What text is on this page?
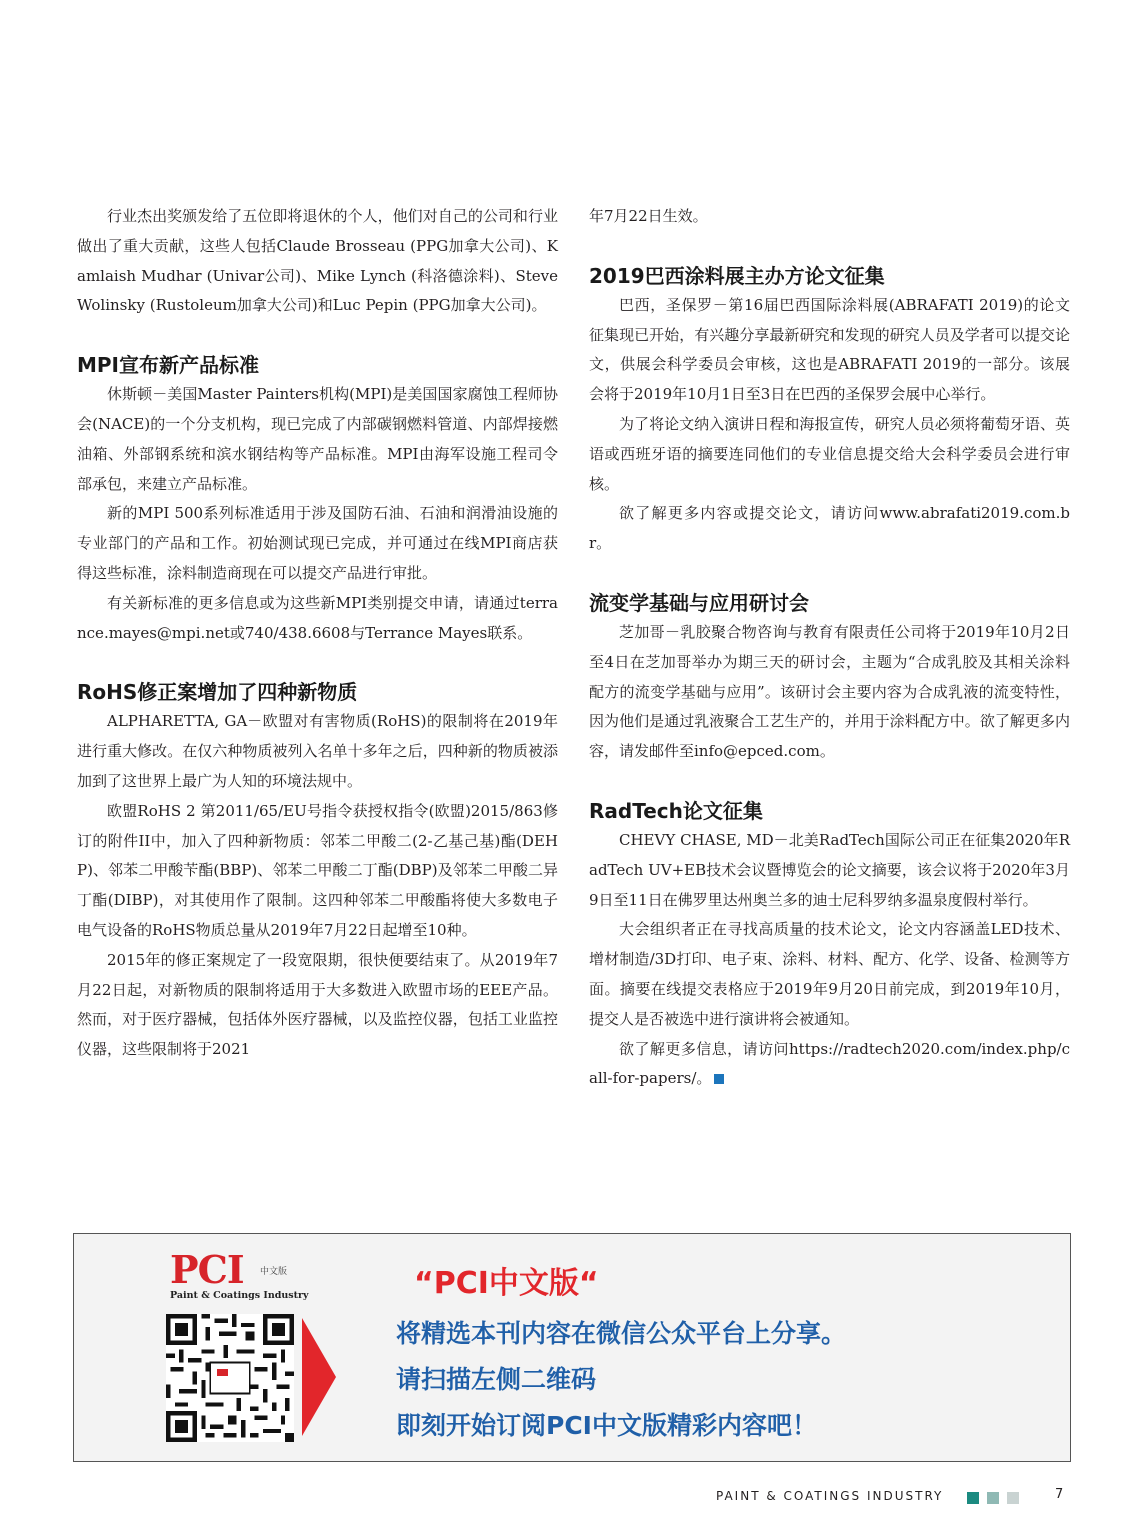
行业杰出奖颁发给了五位即将退休的个人，他们对自己的公司和行业做出了重大贡献，这些人包括Claude Brosseau (PPG加拿大公司)、Kamlaish Mudhar (Univar公司)、Mike Lynch (科洛德涂料)、Steve Wolinsky (Rustoleum加拿大公司)和Luc Pepin (PPG加拿大公司)。

MPI宣布新产品标准

休斯顿－美国Master Painters机构(MPI)是美国国家腐蚀工程师协会(NACE)的一个分支机构，现已完成了内部碳钢燃料管道、内部焊接燃油箱、外部钢系统和滨水钢结构等产品标准。MPI由海军设施工程司令部承包，来建立产品标准。

新的MPI 500系列标准适用于涉及国防石油、石油和润滑油设施的专业部门的产品和工作。初始测试现已完成，并可通过在线MPI商店获得这些标准，涂料制造商现在可以提交产品进行审批。

有关新标准的更多信息或为这些新MPI类别提交申请，请通过terrance.mayes@mpi.net或740/438.6608与Terrance Mayes联系。

RoHS修正案增加了四种新物质

ALPHARETTA, GA－欧盟对有害物质(RoHS)的限制将在2019年进行重大修改。在仅六种物质被列入名单十多年之后，四种新的物质被添加到了这世界上最广为人知的环境法规中。

欧盟RoHS 2 第2011/65/EU号指令获授权指令(欧盟)2015/863修订的附件II中，加入了四种新物质：邻苯二甲酸二(2-乙基己基)酯(DEHP)、邻苯二甲酸苄酯(BBP)、邻苯二甲酸二丁酯(DBP)及邻苯二甲酸二异丁酯(DIBP)，对其使用作了限制。这四种邻苯二甲酸酯将使大多数电子电气设备的RoHS物质总量从2019年7月22日起增至10种。

2015年的修正案规定了一段宽限期，很快便要结束了。从2019年7月22日起，对新物质的限制将适用于大多数进入欧盟市场的EEE产品。然而，对于医疗器械，包括体外医疗器械，以及监控仪器，包括工业监控仪器，这些限制将于2021

年7月22日生效。

2019巴西涂料展主办方论文征集

巴西，圣保罗－第16届巴西国际涂料展(ABRAFATI 2019)的论文征集现已开始，有兴趣分享最新研究和发现的研究人员及学者可以提交论文，供展会科学委员会审核，这也是ABRAFATI 2019的一部分。该展会将于2019年10月1日至3日在巴西的圣保罗会展中心举行。

为了将论文纳入演讲日程和海报宣传，研究人员必须将葡萄牙语、英语或西班牙语的摘要连同他们的专业信息提交给大会科学委员会进行审核。

欲了解更多内容或提交论文，请访问www.abrafati2019.com.br。

流变学基础与应用研讨会

芝加哥－乳胶聚合物咨询与教育有限责任公司将于2019年10月2日至4日在芝加哥举办为期三天的研讨会，主题为“合成乳胶及其相关涂料配方的流变学基础与应用”。该研讨会主要内容为合成乳液的流变特性，因为他们是通过乳液聚合工艺生产的，并用于涂料配方中。欲了解更多内容，请发邮件至info@epced.com。

RadTech论文征集

CHEVY CHASE, MD－北美RadTech国际公司正在征集2020年RadTech UV+EB技术会议暨博览会的论文摘要，该会议将于2020年3月9日至11日在佛罗里达州奥兰多的迪士尼科罗纳多温泉度假村举行。

大会组织者正在寻找高质量的技术论文，论文内容涵盖LED技术、增材制造/3D打印、电子束、涂料、材料、配方、化学、设备、检测等方面。摘要在线提交表格应于2019年9月20日前完成，到2019年10月，提交人是否被选中进行演讲将会被通知。

欲了解更多信息，请访问https://radtech2020.com/index.php/call-for-papers/。

PCI 中文版
Paint & Coatings Industry	“PCI中文版“
将精选本刊内容在微信公众平台上分享。
请扫描左侧二维码
即刻开始订阅PCI中文版精彩内容吧！
PAINT & COATINGS INDUSTRY	7
